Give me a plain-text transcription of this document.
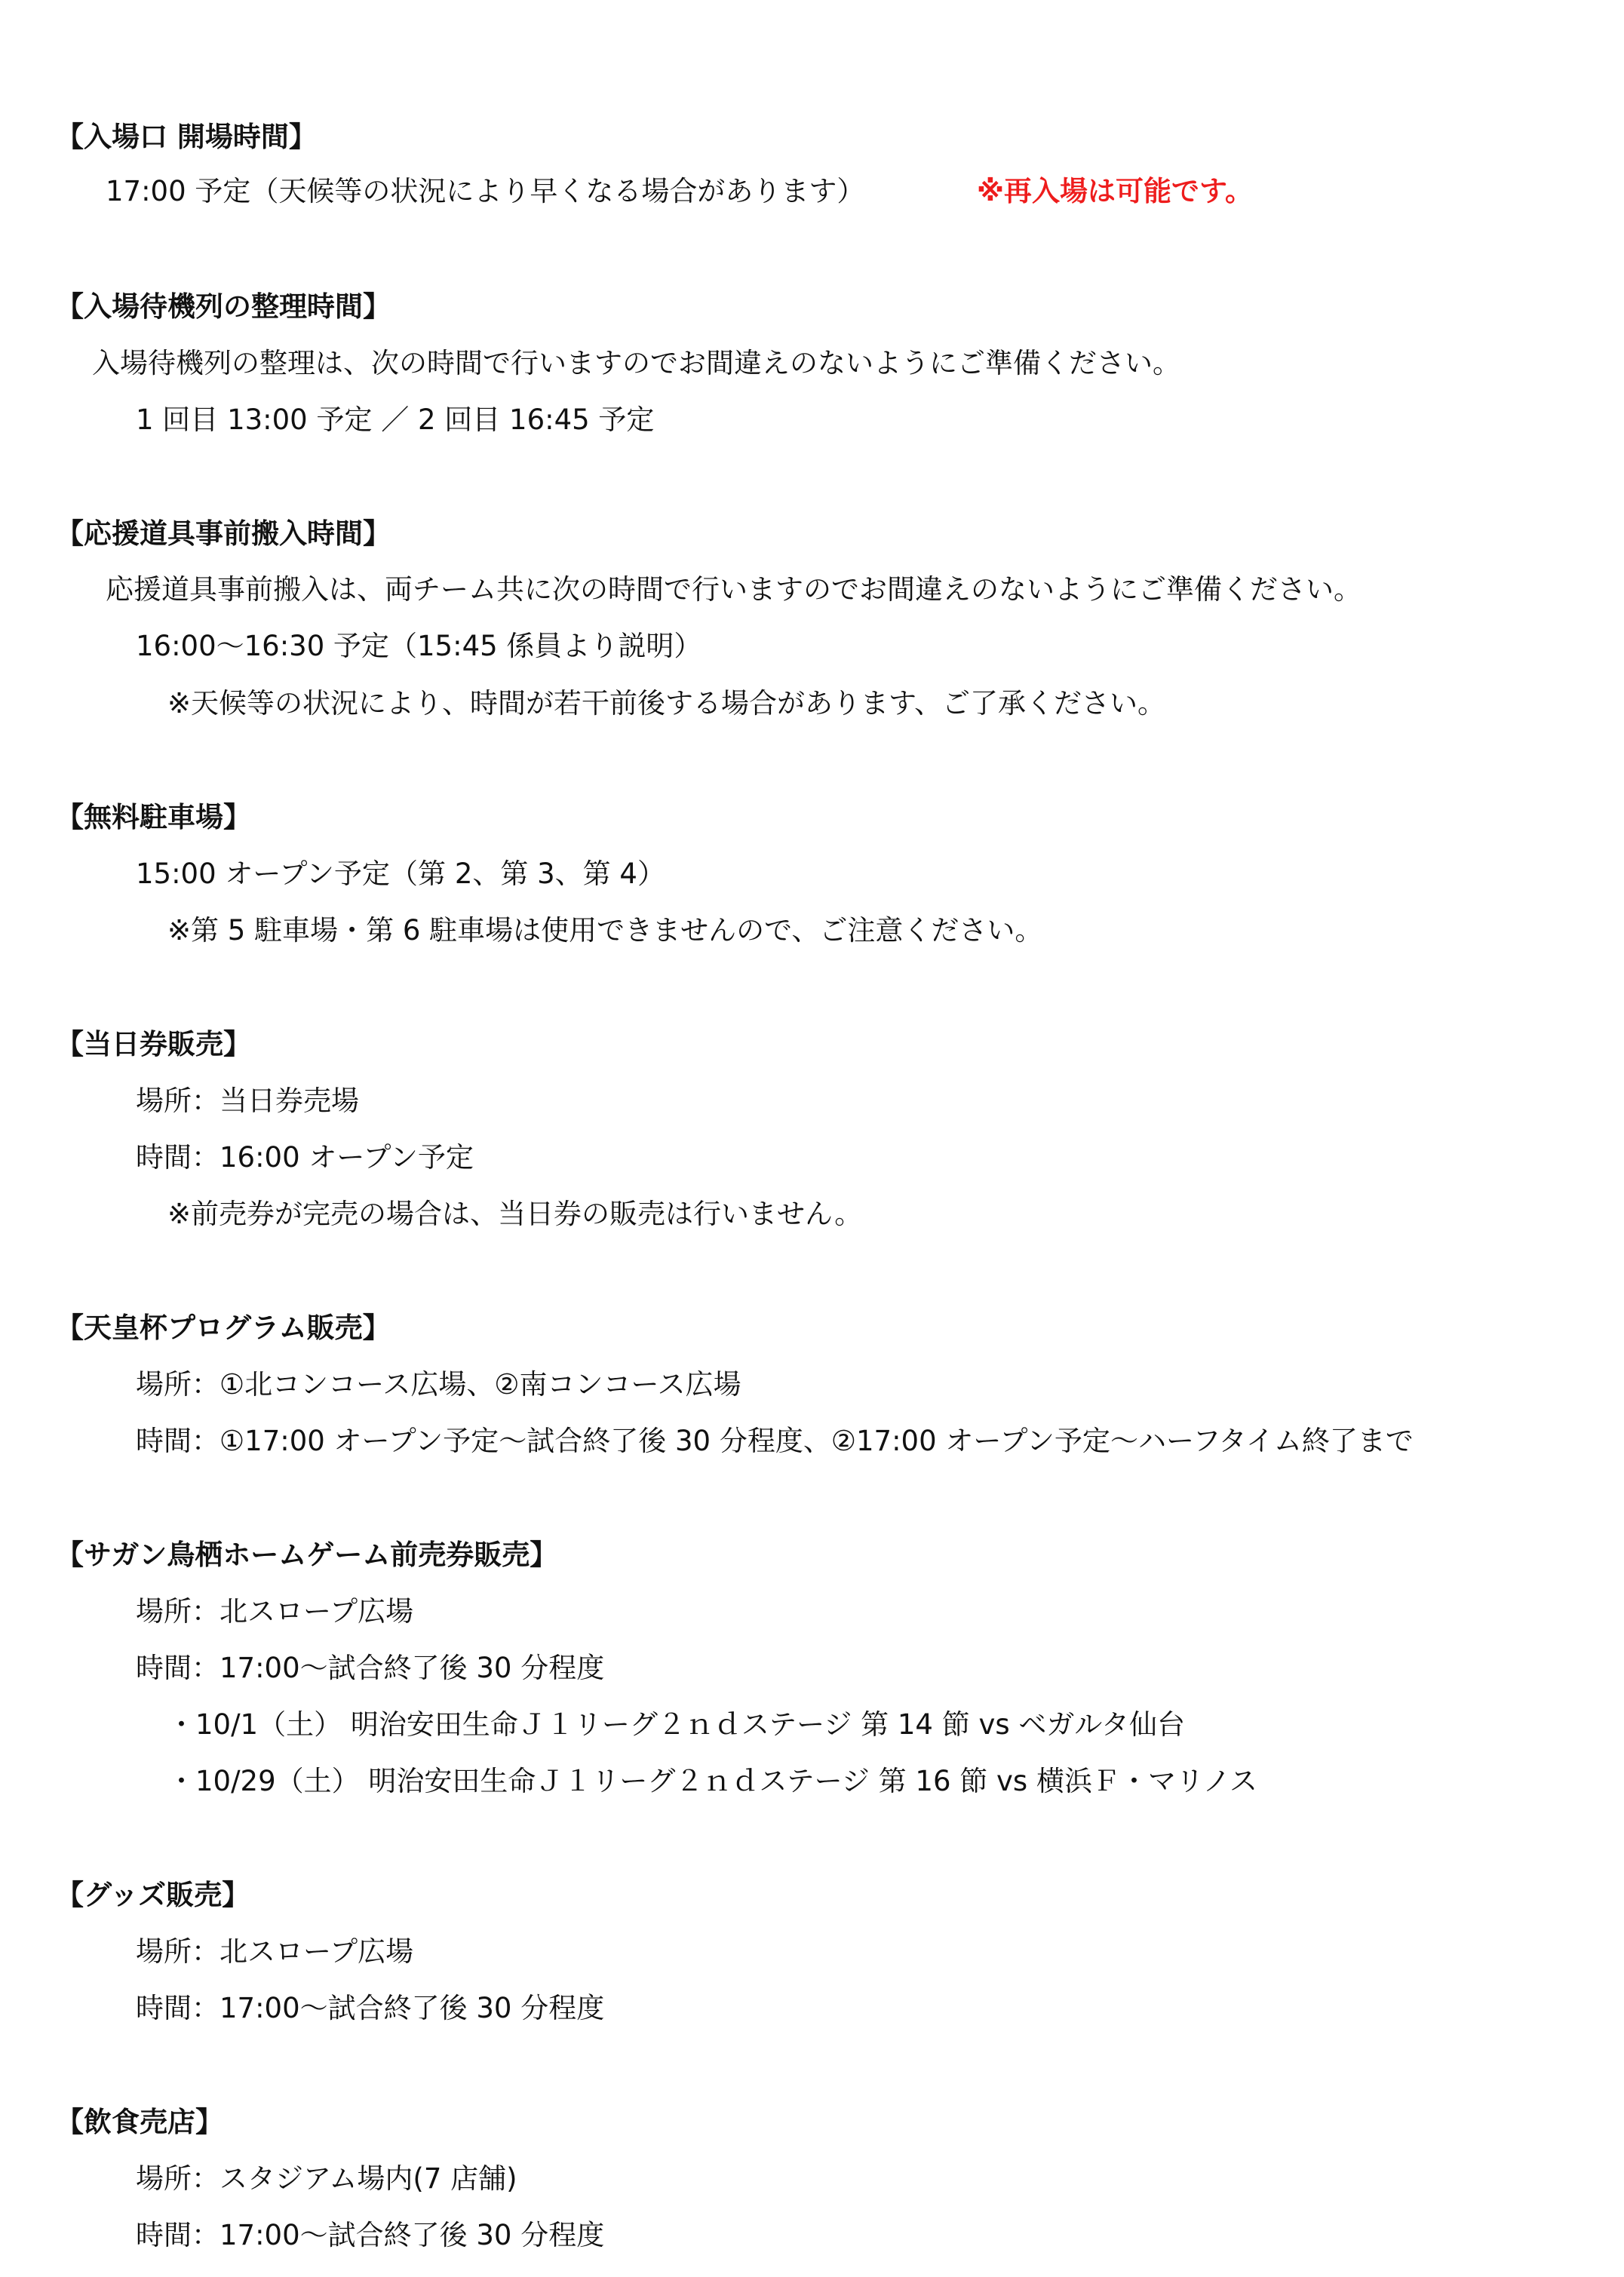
【入場口 開場時間】
17:00 予定（天候等の状況により早くなる場合があります）	※再入場は可能です。
【入場待機列の整理時間】
入場待機列の整理は、次の時間で行いますのでお間違えのないようにご準備ください。
1 回目 13:00 予定 ／ 2 回目 16:45 予定
【応援道具事前搬入時間】
応援道具事前搬入は、両チーム共に次の時間で行いますのでお間違えのないようにご準備ください。
16:00～16:30 予定（15:45 係員より説明）
※天候等の状況により、時間が若干前後する場合があります、ご了承ください。
【無料駐車場】
15:00 オープン予定（第 2、第 3、第 4）
※第 5 駐車場・第 6 駐車場は使用できませんので、ご注意ください。
【当日券販売】
場所：当日券売場
時間：16:00 オープン予定
※前売券が完売の場合は、当日券の販売は行いません。
【天皇杯プログラム販売】
場所：①北コンコース広場、②南コンコース広場
時間：①17:00 オープン予定～試合終了後 30 分程度、②17:00 オープン予定～ハーフタイム終了まで
【サガン鳥栖ホームゲーム前売券販売】
場所：北スロープ広場
時間：17:00～試合終了後 30 分程度
・10/1（土） 明治安田生命Ｊ１リーグ２ｎｄステージ 第 14 節 vs ベガルタ仙台
・10/29（土） 明治安田生命Ｊ１リーグ２ｎｄステージ 第 16 節 vs 横浜Ｆ・マリノス
【グッズ販売】
場所：北スロープ広場
時間：17:00～試合終了後 30 分程度
【飲食売店】
場所：スタジアム場内(7 店舗)
時間：17:00～試合終了後 30 分程度
